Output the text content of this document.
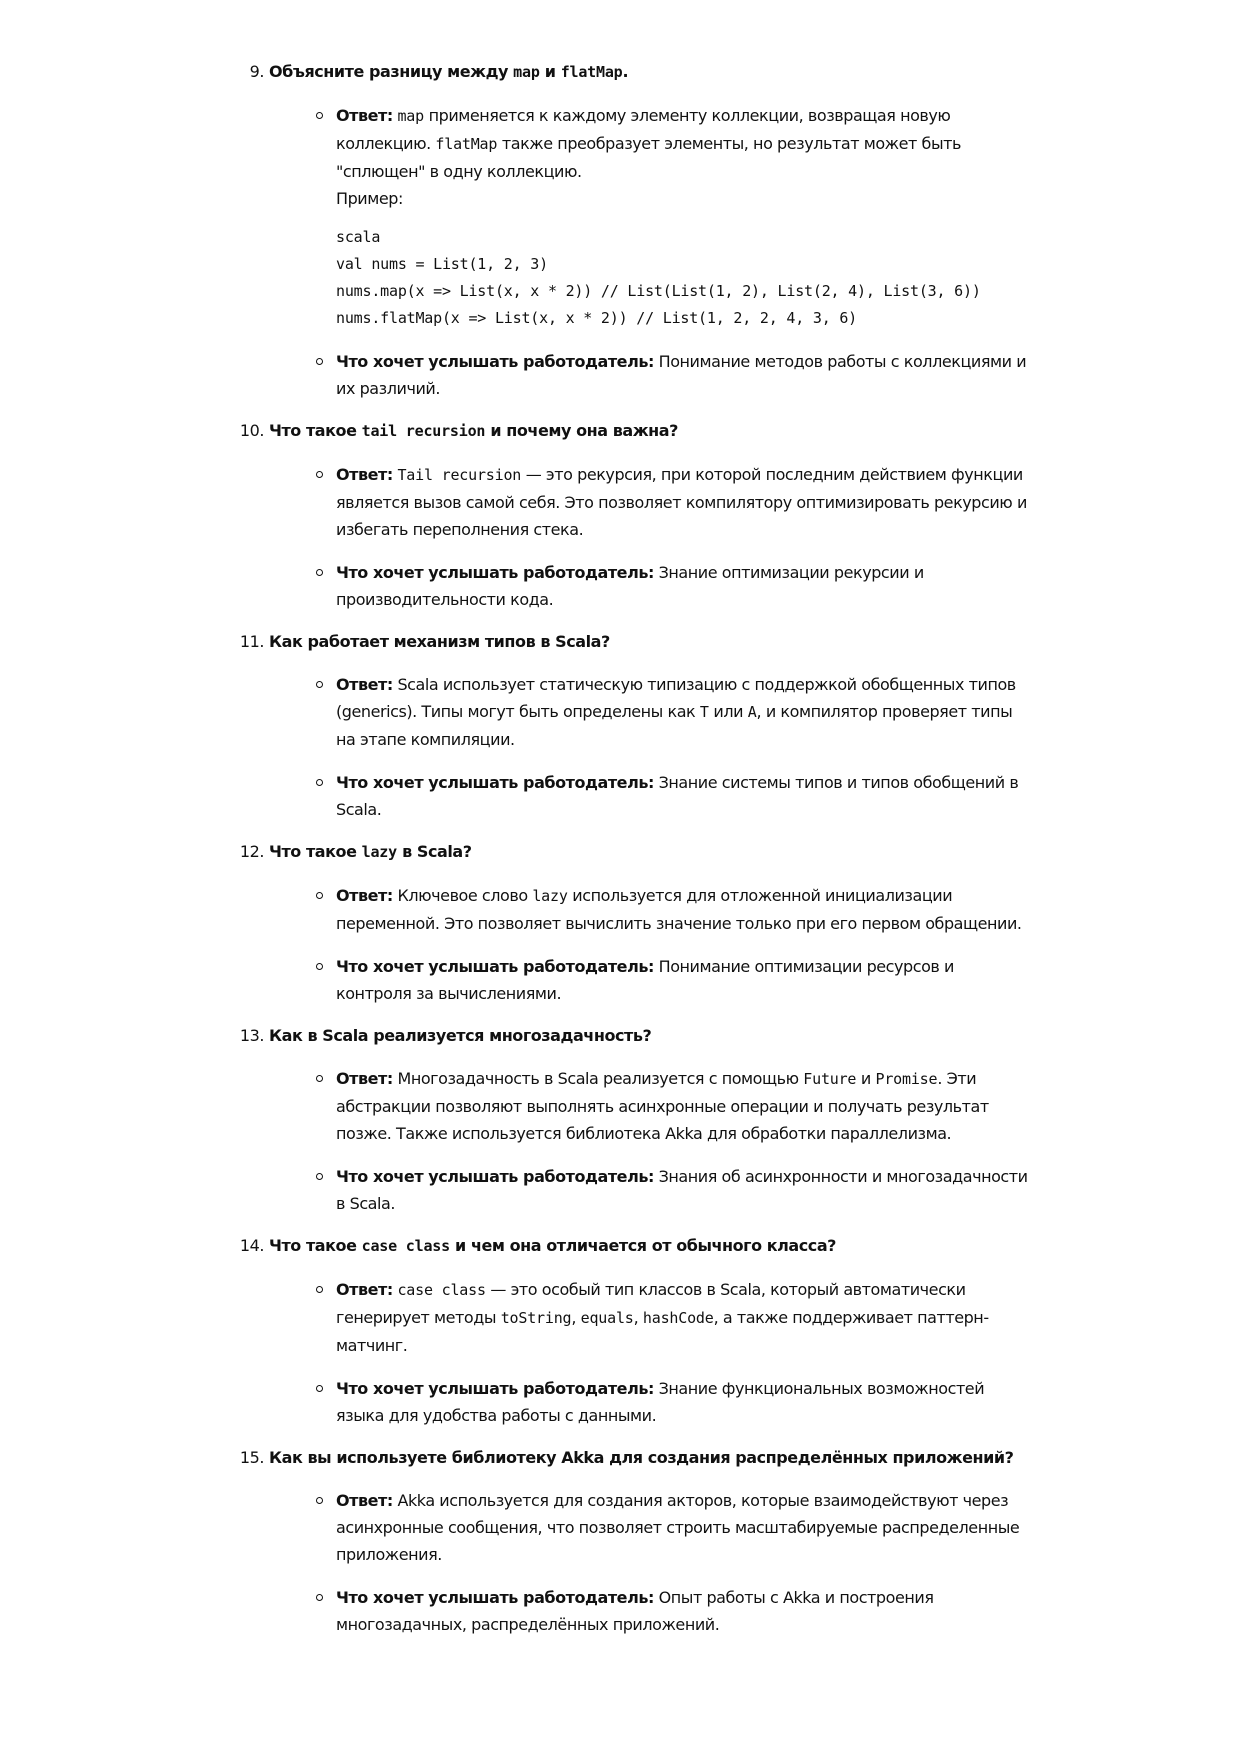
9. Объясните разницу между map и flatMap.
Ответ: map применяется к каждому элементу коллекции, возвращая новую коллекцию. flatMap также преобразует элементы, но результат может быть "сплющен" в одну коллекцию.
Пример:
scala
val nums = List(1, 2, 3)
nums.map(x => List(x, x * 2)) // List(List(1, 2), List(2, 4), List(3, 6))
nums.flatMap(x => List(x, x * 2)) // List(1, 2, 2, 4, 3, 6)
Что хочет услышать работодатель: Понимание методов работы с коллекциями и их различий.
10. Что такое tail recursion и почему она важна?
Ответ: Tail recursion — это рекурсия, при которой последним действием функции является вызов самой себя. Это позволяет компилятору оптимизировать рекурсию и избегать переполнения стека.
Что хочет услышать работодатель: Знание оптимизации рекурсии и производительности кода.
11. Как работает механизм типов в Scala?
Ответ: Scala использует статическую типизацию с поддержкой обобщенных типов (generics). Типы могут быть определены как T или A, и компилятор проверяет типы на этапе компиляции.
Что хочет услышать работодатель: Знание системы типов и типов обобщений в Scala.
12. Что такое lazy в Scala?
Ответ: Ключевое слово lazy используется для отложенной инициализации переменной. Это позволяет вычислить значение только при его первом обращении.
Что хочет услышать работодатель: Понимание оптимизации ресурсов и контроля за вычислениями.
13. Как в Scala реализуется многозадачность?
Ответ: Многозадачность в Scala реализуется с помощью Future и Promise. Эти абстракции позволяют выполнять асинхронные операции и получать результат позже. Также используется библиотека Akka для обработки параллелизма.
Что хочет услышать работодатель: Знания об асинхронности и многозадачности в Scala.
14. Что такое case class и чем она отличается от обычного класса?
Ответ: case class — это особый тип классов в Scala, который автоматически генерирует методы toString, equals, hashCode, а также поддерживает паттерн-матчинг.
Что хочет услышать работодатель: Знание функциональных возможностей языка для удобства работы с данными.
15. Как вы используете библиотеку Akka для создания распределённых приложений?
Ответ: Akka используется для создания акторов, которые взаимодействуют через асинхронные сообщения, что позволяет строить масштабируемые распределенные приложения.
Что хочет услышать работодатель: Опыт работы с Akka и построения многозадачных, распределённых приложений.
